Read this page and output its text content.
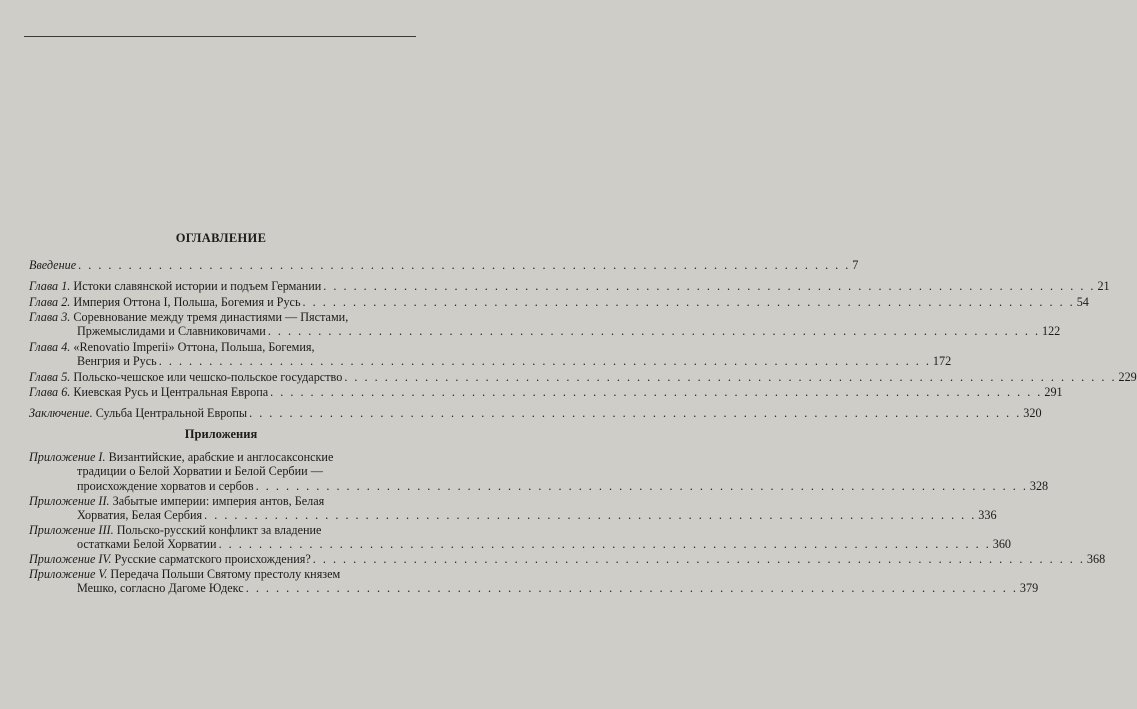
ОГЛАВЛЕНИЕ
Введение . . . . . . . . . . . . . . . . . . . . . . . . . . . . . . . . . . . . . . . . . . . . . . . . . . . . . . . . . . . . . . . . . . . . . . . . . . . . . 7
Глава 1. Истоки славянской истории и подъем Германии . . . . . . . . . . . . . . . . . . . . . . . . . . . . . . . . . . . . . . . . . . . . . . . . . . . . . . . . . . . . . . . . . . . . . . . . . . . . . 21
Глава 2. Империя Оттона I, Польша, Богемия и Русь . . . . . . . . . . . . . . . . . . . . . . . . . . . . . . . . . . . . . . . . . . . . . . . . . . . . . . . . . . . . . . . . . . . . . . . . . . . . . 54
Глава 3. Соревнование между тремя династиями — Пястами,
Пржемыслидами и Славниковичами . . . . . . . . . . . . . . . . . . . . . . . . . . . . . . . . . . . . . . . . . . . . . . . . . . . . . . . . . . . . . . . . . . . . . . . . . . . . . 122
Глава 4. «Renovatio Imperii» Оттона, Польша, Богемия,
Венгрия и Русь . . . . . . . . . . . . . . . . . . . . . . . . . . . . . . . . . . . . . . . . . . . . . . . . . . . . . . . . . . . . . . . . . . . . . . . . . . . . . 172
Глава 5. Польско-чешское или чешско-польское государство . . . . . . . . . . . . . . . . . . . . . . . . . . . . . . . . . . . . . . . . . . . . . . . . . . . . . . . . . . . . . . . . . . . . . . . . . . . . . 229
Глава 6. Киевская Русь и Центральная Европа . . . . . . . . . . . . . . . . . . . . . . . . . . . . . . . . . . . . . . . . . . . . . . . . . . . . . . . . . . . . . . . . . . . . . . . . . . . . . 291
Заключение. Сульба Центральной Европы . . . . . . . . . . . . . . . . . . . . . . . . . . . . . . . . . . . . . . . . . . . . . . . . . . . . . . . . . . . . . . . . . . . . . . . . . . . . . 320
Приложения
Приложение I. Византийские, арабские и англосаксонские
традиции о Белой Хорватии и Белой Сербии —
происхождение хорватов и сербов . . . . . . . . . . . . . . . . . . . . . . . . . . . . . . . . . . . . . . . . . . . . . . . . . . . . . . . . . . . . . . . . . . . . . . . . . . . . . 328
Приложение II. Забытые империи: империя антов, Белая
Хорватия, Белая Сербия . . . . . . . . . . . . . . . . . . . . . . . . . . . . . . . . . . . . . . . . . . . . . . . . . . . . . . . . . . . . . . . . . . . . . . . . . . . . . 336
Приложение III. Польско-русский конфликт за владение
остатками Белой Хорватии . . . . . . . . . . . . . . . . . . . . . . . . . . . . . . . . . . . . . . . . . . . . . . . . . . . . . . . . . . . . . . . . . . . . . . . . . . . . . 360
Приложение IV. Русские сарматского происхождения? . . . . . . . . . . . . . . . . . . . . . . . . . . . . . . . . . . . . . . . . . . . . . . . . . . . . . . . . . . . . . . . . . . . . . . . . . . . . . 368
Приложение V. Передача Польши Святому престолу князем
Мешко, согласно Дагоме Юдекс . . . . . . . . . . . . . . . . . . . . . . . . . . . . . . . . . . . . . . . . . . . . . . . . . . . . . . . . . . . . . . . . . . . . . . . . . . . . . 379
